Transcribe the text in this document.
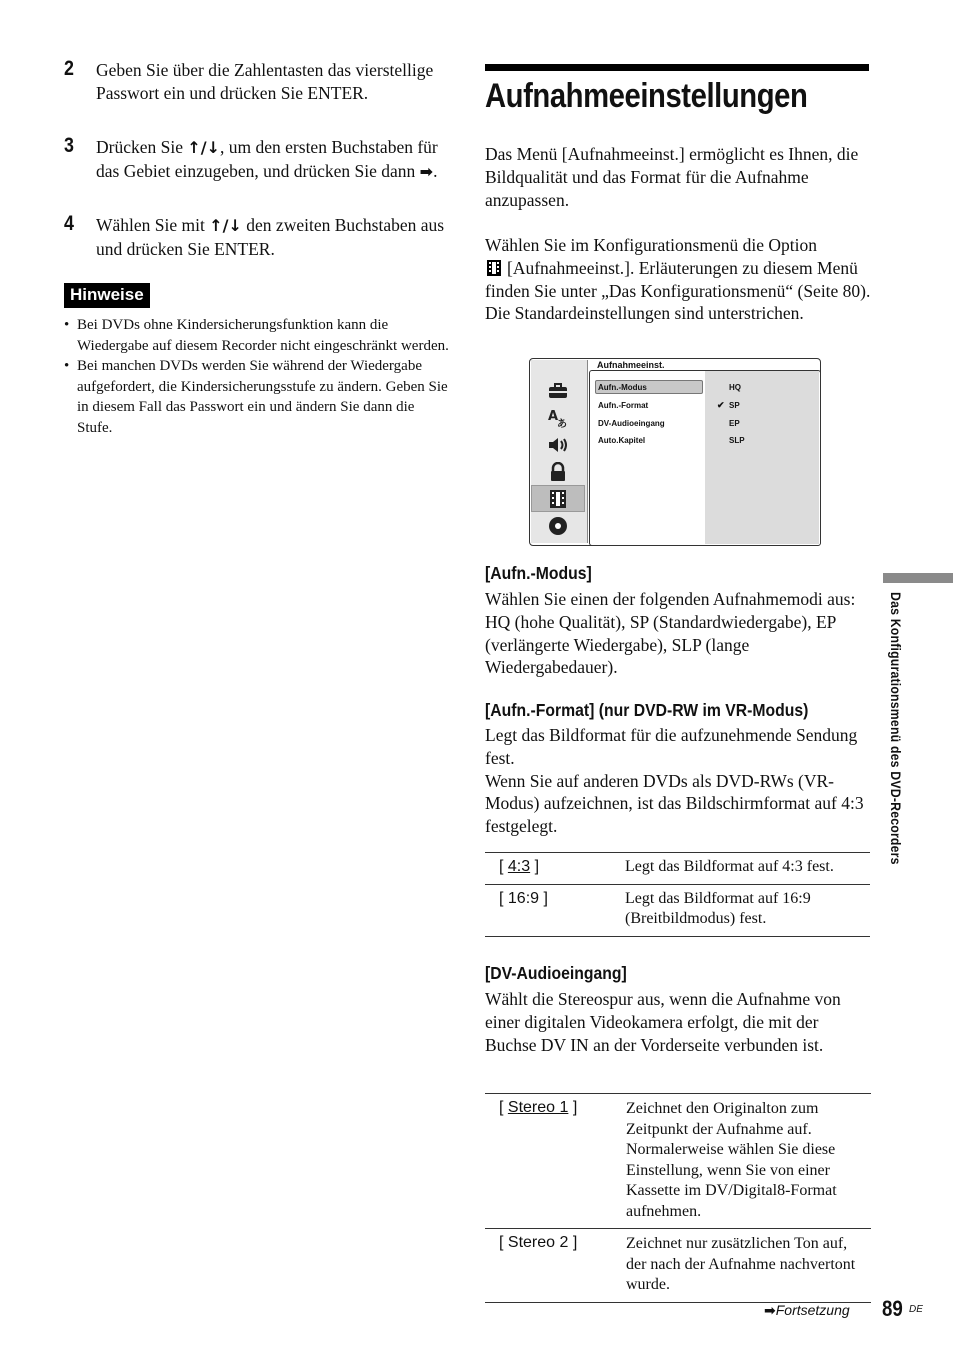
2 Geben Sie über die Zahlentasten das vierstellige Passwort ein und drücken Sie ENTER.
3 Drücken Sie ↑/↓, um den ersten Buchstaben für das Gebiet einzugeben, und drücken Sie dann ➡.
4 Wählen Sie mit ↑/↓ den zweiten Buchstaben aus und drücken Sie ENTER.
Hinweise
• Bei DVDs ohne Kindersicherungsfunktion kann die Wiedergabe auf diesem Recorder nicht eingeschränkt werden.
• Bei manchen DVDs werden Sie während der Wiedergabe aufgefordert, die Kindersicherungsstufe zu ändern. Geben Sie in diesem Fall das Passwort ein und ändern Sie dann die Stufe.
Aufnahmeeinstellungen
Das Menü [Aufnahmeeinst.] ermöglicht es Ihnen, die Bildqualität und das Format für die Aufnahme anzupassen.
Wählen Sie im Konfigurationsmenü die Option
[Aufnahmeeinst.]. Erläuterungen zu diesem Menü finden Sie unter „Das Konfigurationsmenü“ (Seite 80). Die Standardeinstellungen sind unterstrichen.
A
あ
Aufnahmeeinst.
Aufn.-Modus
Aufn.-Format
DV-Audioeingang
Auto.Kapitel
HQ
✔ SP
EP
SLP
[Aufn.-Modus]
Wählen Sie einen der folgenden Aufnahmemodi aus: HQ (hohe Qualität), SP (Standardwiedergabe), EP (verlängerte Wiedergabe), SLP (lange Wiedergabedauer).
[Aufn.-Format] (nur DVD-RW im VR-Modus)
Legt das Bildformat für die aufzunehmende Sendung fest.
Wenn Sie auf anderen DVDs als DVD-RWs (VR-Modus) aufzeichnen, ist das Bildschirmformat auf 4:3 festgelegt.
[ 4:3 ]	Legt das Bildformat auf 4:3 fest.
[ 16:9 ]	Legt das Bildformat auf 16:9 (Breitbildmodus) fest.
[DV-Audioeingang]
Wählt die Stereospur aus, wenn die Aufnahme von einer digitalen Videokamera erfolgt, die mit der Buchse DV IN an der Vorderseite verbunden ist.
[ Stereo 1 ]	Zeichnet den Originalton zum Zeitpunkt der Aufnahme auf. Normalerweise wählen Sie diese Einstellung, wenn Sie von einer Kassette im DV/Digital8-Format aufnehmen.
[ Stereo 2 ]	Zeichnet nur zusätzlichen Ton auf, der nach der Aufnahme nachvertont wurde.
➡Fortsetzung 89 DE
Das Konfigurationsmenü des DVD-Recorders
